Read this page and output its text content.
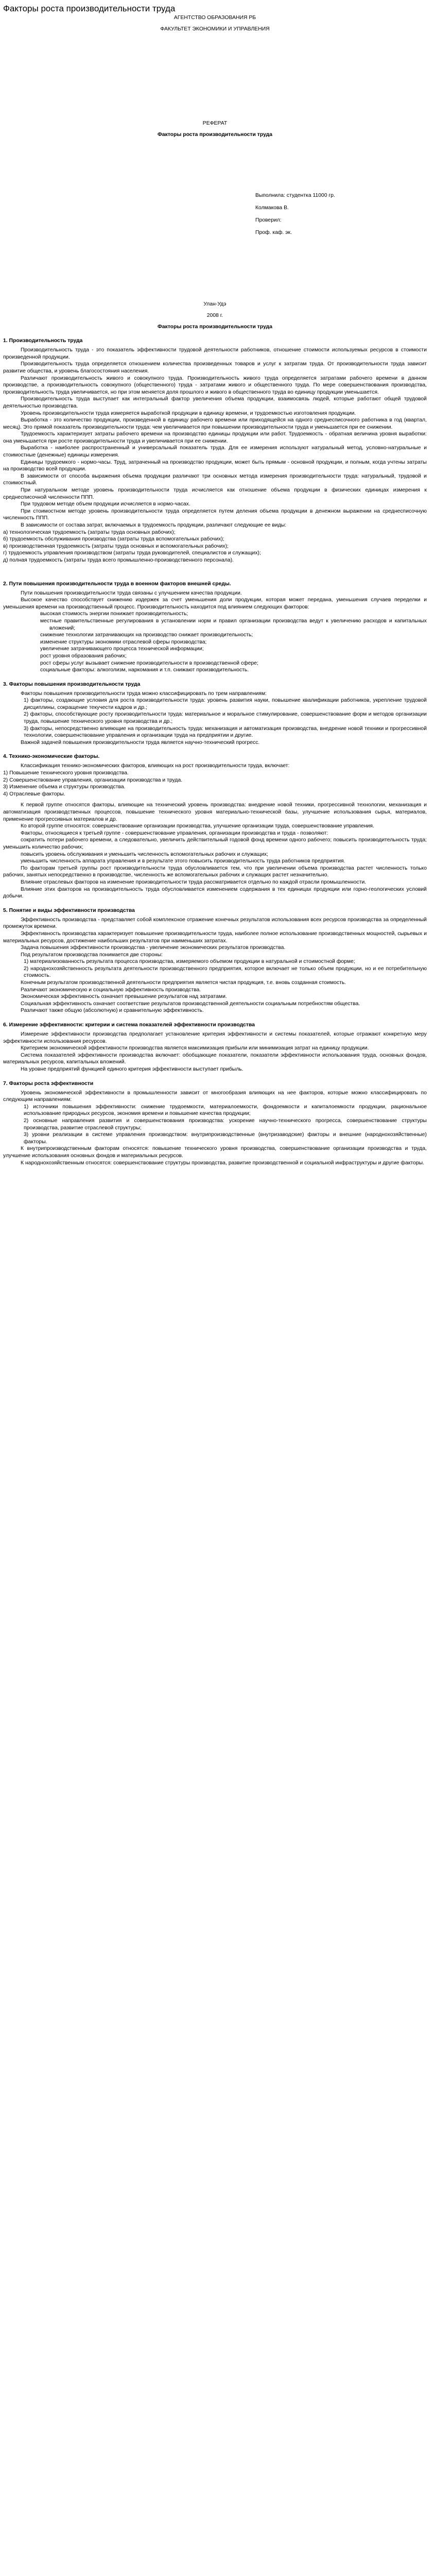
Факторы роста производительности труда
АГЕНТСТВО ОБРАЗОВАНИЯ РБ
ФАКУЛЬТЕТ ЭКОНОМИКИ И УПРАВЛЕНИЯ
РЕФЕРАТ
Факторы роста производительности труда
Выполнила: студентка 11000 гр.
Колмакова В.
Проверил:
Проф. каф. эк.
Улан-Удэ
2008 г.
Факторы роста производительности труда
1. Производительность труда
Производительность труда - это показатель эффективности трудовой деятельности работников, отношение стоимости используемых ресурсов в стоимости произведенной продукции.
Производительность труда определяется отношением количества произведенных товаров и услуг к затратам труда. От производительности труда зависит развитие общества, и уровень благосостояния населения.
Различают производительность живого и совокупного труда. Производительность живого труда определяется затратами рабочего времени в данном производстве, а производительность совокупного (общественного) труда - затратами живого и общественного труда. По мере совершенствования производства, производительность труда увеличивается, но при этом меняется доля прошлого и живого в общественного труда во единицу продукции уменьшается.
Производительность труда выступает как интегральный фактор увеличения объема продукции, взаимосвязь людей, которые работают общей трудовой деятельностью производства.
Уровень производительности труда измеряется выработкой продукции в единицу времени, и трудоемкостью изготовления продукции.
Выработка - это количество продукции, произведенной в единицу рабочего времени или приходящейся на одного среднесписочного работника в год (квартал, месяц). Это прямой показатель производительности труда: чем увеличивается при повышении производительности труда и уменьшается при ее снижении.
Трудоемкость характеризует затраты рабочего времени на производство единицы продукции или работ. Трудоемкость - обратная величина уровня выработки: она уменьшается при росте производительности труда и увеличивается при ее снижении.
Выработка - наиболее распространенный и универсальный показатель труда. Для ее измерения используют натуральный метод, условно-натуральные и стоимостные (денежные) единицы измерения.
Единицы трудоемкого - нормо-часы. Труд, затраченный на производство продукции, может быть прямым - основной продукции, и полным, когда учтены затраты на производство всей продукции.
В зависимости от способа выражения объема продукции различают три основных метода измерения производительности труда: натуральный, трудовой и стоимостный.
При натуральном методе уровень производительности труда исчисляется как отношение объема продукции в физических единицах измерения к среднесписочной численности ППП.
При трудовом методе объем продукции исчисляется в нормо-часах.
При стоимостном методе уровень производительности труда определяется путем деления объема продукции в денежном выражении на среднесписочную численность ППП.
В зависимости от состава затрат, включаемых в трудоемкость продукции, различают следующие ее виды:
а) технологическая трудоемкость (затраты труда основных рабочих);
б) трудоемкость обслуживания производства (затраты труда вспомогательных рабочих);
в) производственная трудоемкость (затраты труда основных и вспомогательных рабочих);
г) трудоемкость управления производством (затраты труда руководителей, специалистов и служащих);
д) полная трудоемкость (затраты труда всего промышленно-производственного персонала).
2. Пути повышения производительности труда в военном факторов внешней среды.
Пути повышения производительности труда связаны с улучшением качества продукции.
Высокое качество способствует снижению издержек за счет уменьшения доли продукции, которая может передана, уменьшения случаев переделки и уменьшения времени на производственный процесс. Производительность находится под влиянием следующих факторов:
высокая стоимость энергии понижает производительность;
местные правительственные регулирования в установлении норм и правил организации производства ведут к увеличению расходов и капитальных вложений;
снижение технологии затрачивающих на производство снижает производительность;
изменение структуры экономики отраслевой сферы производства;
увеличение затрачивающего процесса технической информации;
рост уровня образования рабочих;
рост сферы услуг вызывает снижение производительности в производственной сфере;
социальные факторы: алкоголизм, наркомания и т.п. снижают производительность.
3. Факторы повышения производительности труда
Факторы повышения производительности труда можно классифицировать по трем направлениям:
1) факторы, создающие условия для роста производительности труда: уровень развития науки, повышение квалификации работников, укрепление трудовой дисциплины, сокращение текучести кадров и др.;
2) факторы, способствующие росту производительности труда: материальное и моральное стимулирование, совершенствование форм и методов организации труда, повышение технического уровня производства и др.;
3) факторы, непосредственно влияющие на производительность труда: механизация и автоматизация производства, внедрение новой техники и прогрессивной технологии, совершенствование управления и организации труда на предприятии и другие.
Важной задачей повышения производительности труда является научно-технический прогресс.
4. Технико-экономические факторы.
Классификация технико-экономических факторов, влияющих на рост производительности труда, включает:
1) Повышение технического уровня производства.
2) Совершенствование управления, организации производства и труда.
3) Изменение объема и структуры производства.
4) Отраслевые факторы.
К первой группе относятся факторы, влияющие на технический уровень производства: внедрение новой техники, прогрессивной технологии, механизация и автоматизация производственных процессов, повышение технического уровня материально-технической базы, улучшение использования сырья, материалов, применение прогрессивных материалов и др.
Ко второй группе относятся: совершенствование организации производства, улучшение организации труда, совершенствование управления.
Факторы, относящиеся к третьей группе - совершенствование управления, организации производства и труда - позволяют:
сократить потери рабочего времени, а следовательно, увеличить действительный годовой фонд времени одного рабочего; повысить производительность труда; уменьшить количество рабочих;
повысить уровень обслуживания и уменьшить численность вспомогательных рабочих и служащих;
уменьшить численность аппарата управления и в результате этого повысить производительность труда работников предприятия.
По факторам третьей группы рост производительности труда обусловливается тем, что при увеличении объема производства растет численность только рабочих, занятых непосредственно в производстве, численность же вспомогательных рабочих и служащих растет незначительно.
Влияние отраслевых факторов на изменение производительности труда рассматривается отдельно по каждой отрасли промышленности.
Влияние этих факторов на производительность труда обусловливается изменением содержания в тех единицах продукции или горно-геологических условий добычи.
5. Понятие и виды эффективности производства
Эффективность производства - представляет собой комплексное отражение конечных результатов использования всех ресурсов производства за определенный промежуток времени.
Эффективность производства характеризует повышение производительности труда, наиболее полное использование производственных мощностей, сырьевых и материальных ресурсов, достижение наибольших результатов при наименьших затратах.
Задача повышения эффективности производства - увеличение экономических результатов производства.
Под результатом производства понимается две стороны:
1) материализованность результата процесса производства, измеряемого объемом продукции в натуральной и стоимостной форме;
2) народнохозяйственность результата деятельности производственного предприятия, которое включает не только объем продукции, но и ее потребительную стоимость.
Конечным результатом производственной деятельности предприятия является чистая продукция, т.е. вновь созданная стоимость.
Различают экономическую и социальную эффективность производства.
Экономическая эффективность означает превышение результатов над затратами.
Социальная эффективность означает соответствие результатов производственной деятельности социальным потребностям общества.
Различают также общую (абсолютную) и сравнительную эффективность.
6. Измерение эффективности: критерии и система показателей эффективности производства
Измерение эффективности производства предполагает установление критерия эффективности и системы показателей, которые отражают конкретную меру эффективности использования ресурсов.
Критерием экономической эффективности производства является максимизация прибыли или минимизация затрат на единицу продукции.
Система показателей эффективности производства включает: обобщающие показатели, показатели эффективности использования труда, основных фондов, материальных ресурсов, капитальных вложений.
На уровне предприятий функцией единого критерия эффективности выступает прибыль.
7. Факторы роста эффективности
Уровень экономической эффективности в промышленности зависит от многообразия влияющих на нее факторов, которые можно классифицировать по следующим направлениям:
1) источники повышения эффективности: снижение трудоемкости, материалоемкости, фондоемкости и капиталоемкости продукции, рациональное использование природных ресурсов, экономия времени и повышение качества продукции;
2) основные направления развития и совершенствования производства: ускорение научно-технического прогресса, совершенствование структуры производства, развитие отраслевой структуры;
3) уровни реализации в системе управления производством: внутрипроизводственные (внутризаводские) факторы и внешние (народнохозяйственные) факторы.
К внутрипроизводственным факторам относятся: повышение технического уровня производства, совершенствование организации производства и труда, улучшение использования основных фондов и материальных ресурсов.
К народнохозяйственным относятся: совершенствование структуры производства, развитие производственной и социальной инфраструктуры и другие факторы.
